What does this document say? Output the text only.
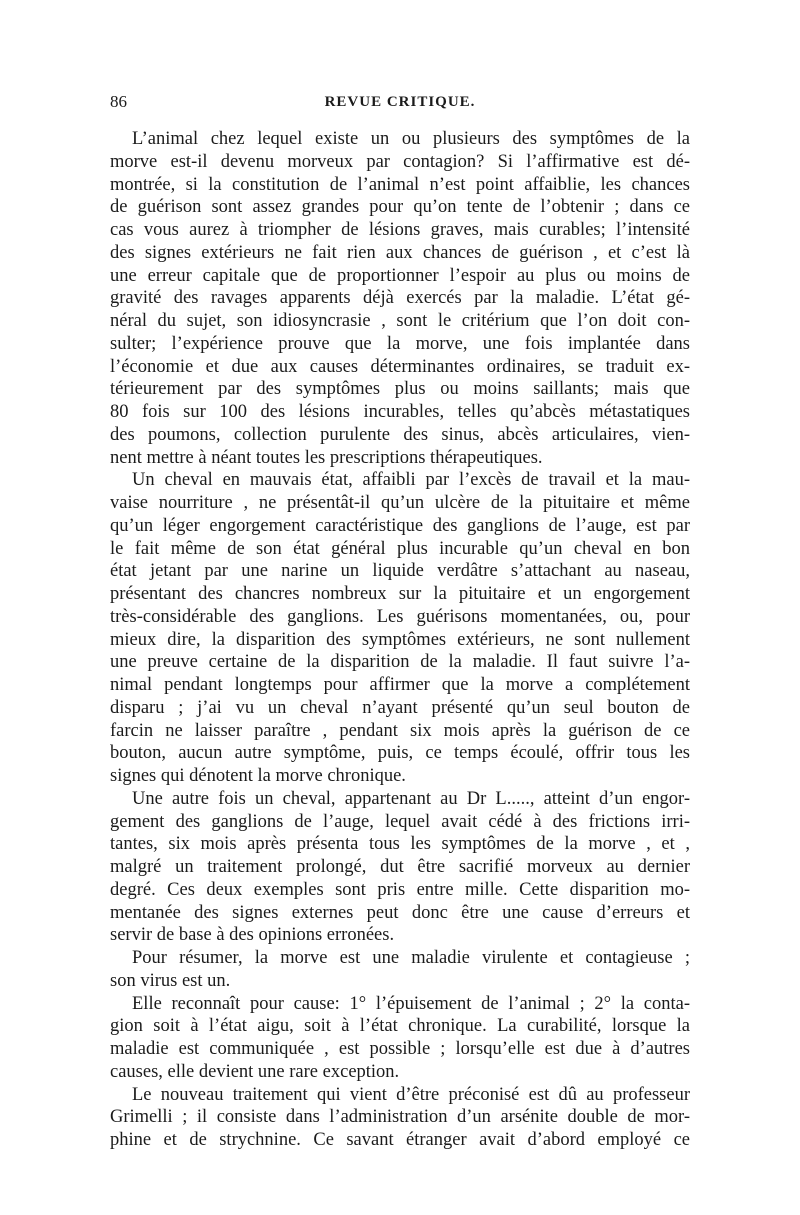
86	REVUE CRITIQUE.
L’animal chez lequel existe un ou plusieurs des symptômes de la
morve est-il devenu morveux par contagion? Si l’affirmative est dé-
montrée, si la constitution de l’animal n’est point affaiblie, les chances
de guérison sont assez grandes pour qu’on tente de l’obtenir ; dans ce
cas vous aurez à triompher de lésions graves, mais curables; l’intensité
des signes extérieurs ne fait rien aux chances de guérison , et c’est là
une erreur capitale que de proportionner l’espoir au plus ou moins de
gravité des ravages apparents déjà exercés par la maladie. L’état gé-
néral du sujet, son idiosyncrasie , sont le critérium que l’on doit con-
sulter; l’expérience prouve que la morve, une fois implantée dans
l’économie et due aux causes déterminantes ordinaires, se traduit ex-
térieurement par des symptômes plus ou moins saillants; mais que
80 fois sur 100 des lésions incurables, telles qu’abcès métastatiques
des poumons, collection purulente des sinus, abcès articulaires, vien-
nent mettre à néant toutes les prescriptions thérapeutiques.
Un cheval en mauvais état, affaibli par l’excès de travail et la mau-
vaise nourriture , ne présentât-il qu’un ulcère de la pituitaire et même
qu’un léger engorgement caractéristique des ganglions de l’auge, est par
le fait même de son état général plus incurable qu’un cheval en bon
état jetant par une narine un liquide verdâtre s’attachant au naseau,
présentant des chancres nombreux sur la pituitaire et un engorgement
très-considérable des ganglions. Les guérisons momentanées, ou, pour
mieux dire, la disparition des symptômes extérieurs, ne sont nullement
une preuve certaine de la disparition de la maladie. Il faut suivre l’a-
nimal pendant longtemps pour affirmer que la morve a complétement
disparu ; j’ai vu un cheval n’ayant présenté qu’un seul bouton de
farcin ne laisser paraître , pendant six mois après la guérison de ce
bouton, aucun autre symptôme, puis, ce temps écoulé, offrir tous les
signes qui dénotent la morve chronique.
Une autre fois un cheval, appartenant au Dr L....., atteint d’un engor-
gement des ganglions de l’auge, lequel avait cédé à des frictions irri-
tantes, six mois après présenta tous les symptômes de la morve , et ,
malgré un traitement prolongé, dut être sacrifié morveux au dernier
degré. Ces deux exemples sont pris entre mille. Cette disparition mo-
mentanée des signes externes peut donc être une cause d’erreurs et
servir de base à des opinions erronées.
Pour résumer, la morve est une maladie virulente et contagieuse ;
son virus est un.
Elle reconnaît pour cause: 1° l’épuisement de l’animal ; 2° la conta-
gion soit à l’état aigu, soit à l’état chronique. La curabilité, lorsque la
maladie est communiquée , est possible ; lorsqu’elle est due à d’autres
causes, elle devient une rare exception.
Le nouveau traitement qui vient d’être préconisé est dû au professeur
Grimelli ; il consiste dans l’administration d’un arsénite double de mor-
phine et de strychnine. Ce savant étranger avait d’abord employé ce
